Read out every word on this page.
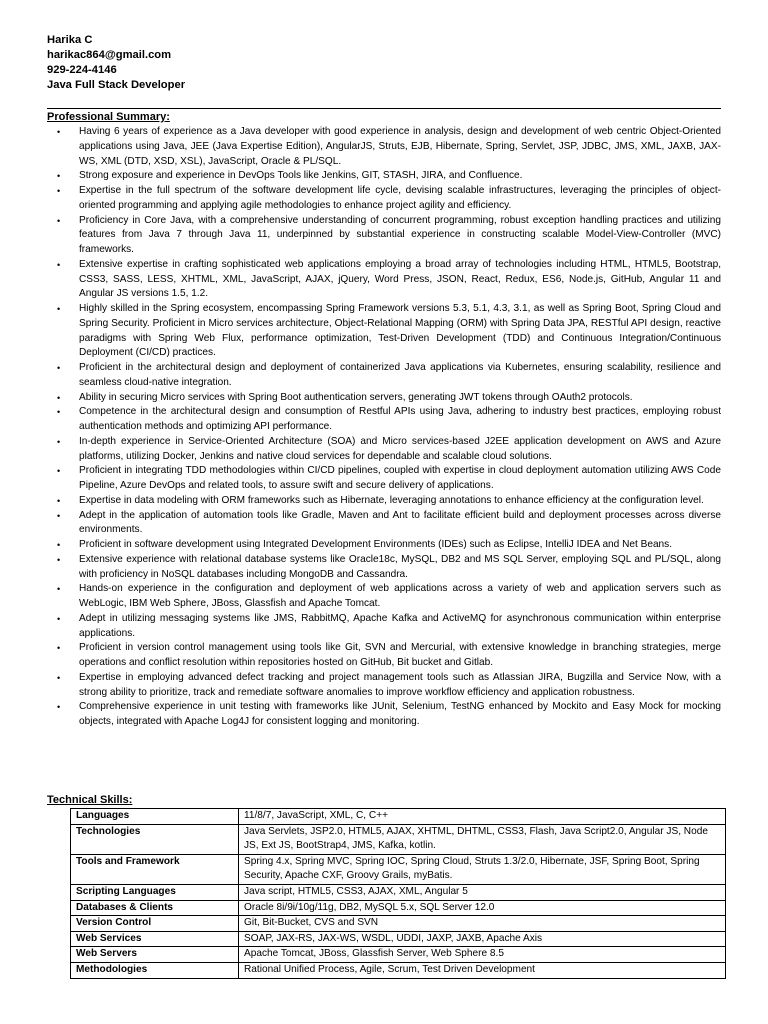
Harika C
harikac864@gmail.com
929-224-4146
Java Full Stack Developer
Professional Summary:
• Having 6 years of experience as a Java developer with good experience in analysis, design and development of web centric Object-Oriented applications using Java, JEE (Java Expertise Edition), AngularJS, Struts, EJB, Hibernate, Spring, Servlet, JSP, JDBC, JMS, XML, JAXB, JAX-WS, XML (DTD, XSD, XSL), JavaScript, Oracle & PL/SQL.
• Strong exposure and experience in DevOps Tools like Jenkins, GIT, STASH, JIRA, and Confluence.
• Expertise in the full spectrum of the software development life cycle, devising scalable infrastructures, leveraging the principles of object-oriented programming and applying agile methodologies to enhance project agility and efficiency.
• Proficiency in Core Java, with a comprehensive understanding of concurrent programming, robust exception handling practices and utilizing features from Java 7 through Java 11, underpinned by substantial experience in constructing scalable Model-View-Controller (MVC) frameworks.
• Extensive expertise in crafting sophisticated web applications employing a broad array of technologies including HTML, HTML5, Bootstrap, CSS3, SASS, LESS, XHTML, XML, JavaScript, AJAX, jQuery, Word Press, JSON, React, Redux, ES6, Node.js, GitHub, Angular 11 and Angular JS versions 1.5, 1.2.
• Highly skilled in the Spring ecosystem, encompassing Spring Framework versions 5.3, 5.1, 4.3, 3.1, as well as Spring Boot, Spring Cloud and Spring Security. Proficient in Micro services architecture, Object-Relational Mapping (ORM) with Spring Data JPA, RESTful API design, reactive paradigms with Spring Web Flux, performance optimization, Test-Driven Development (TDD) and Continuous Integration/Continuous Deployment (CI/CD) practices.
• Proficient in the architectural design and deployment of containerized Java applications via Kubernetes, ensuring scalability, resilience and seamless cloud-native integration.
• Ability in securing Micro services with Spring Boot authentication servers, generating JWT tokens through OAuth2 protocols.
• Competence in the architectural design and consumption of Restful APIs using Java, adhering to industry best practices, employing robust authentication methods and optimizing API performance.
• In-depth experience in Service-Oriented Architecture (SOA) and Micro services-based J2EE application development on AWS and Azure platforms, utilizing Docker, Jenkins and native cloud services for dependable and scalable cloud solutions.
• Proficient in integrating TDD methodologies within CI/CD pipelines, coupled with expertise in cloud deployment automation utilizing AWS Code Pipeline, Azure DevOps and related tools, to assure swift and secure delivery of applications.
• Expertise in data modeling with ORM frameworks such as Hibernate, leveraging annotations to enhance efficiency at the configuration level.
• Adept in the application of automation tools like Gradle, Maven and Ant to facilitate efficient build and deployment processes across diverse environments.
• Proficient in software development using Integrated Development Environments (IDEs) such as Eclipse, IntelliJ IDEA and Net Beans.
• Extensive experience with relational database systems like Oracle18c, MySQL, DB2 and MS SQL Server, employing SQL and PL/SQL, along with proficiency in NoSQL databases including MongoDB and Cassandra.
• Hands-on experience in the configuration and deployment of web applications across a variety of web and application servers such as WebLogic, IBM Web Sphere, JBoss, Glassfish and Apache Tomcat.
• Adept in utilizing messaging systems like JMS, RabbitMQ, Apache Kafka and ActiveMQ for asynchronous communication within enterprise applications.
• Proficient in version control management using tools like Git, SVN and Mercurial, with extensive knowledge in branching strategies, merge operations and conflict resolution within repositories hosted on GitHub, Bit bucket and Gitlab.
• Expertise in employing advanced defect tracking and project management tools such as Atlassian JIRA, Bugzilla and Service Now, with a strong ability to prioritize, track and remediate software anomalies to improve workflow efficiency and application robustness.
• Comprehensive experience in unit testing with frameworks like JUnit, Selenium, TestNG enhanced by Mockito and Easy Mock for mocking objects, integrated with Apache Log4J for consistent logging and monitoring.
Technical Skills:
Languages	11/8/7, JavaScript, XML, C, C++
Technologies	Java Servlets, JSP2.0, HTML5, AJAX, XHTML, DHTML, CSS3, Flash, Java Script2.0, Angular JS, Node JS, Ext JS, BootStrap4, JMS, Kafka, kotlin.
Tools and Framework	Spring 4.x, Spring MVC, Spring IOC, Spring Cloud, Struts 1.3/2.0, Hibernate, JSF, Spring Boot, Spring Security, Apache CXF, Groovy Grails, myBatis.
Scripting Languages	Java script, HTML5, CSS3, AJAX, XML, Angular 5
Databases & Clients	Oracle 8i/9i/10g/11g, DB2, MySQL 5.x, SQL Server 12.0
Version Control	Git, Bit-Bucket, CVS and SVN
Web Services	SOAP, JAX-RS, JAX-WS, WSDL, UDDI, JAXP, JAXB, Apache Axis
Web Servers	Apache Tomcat, JBoss, Glassfish Server, Web Sphere 8.5
Methodologies	Rational Unified Process, Agile, Scrum, Test Driven Development
